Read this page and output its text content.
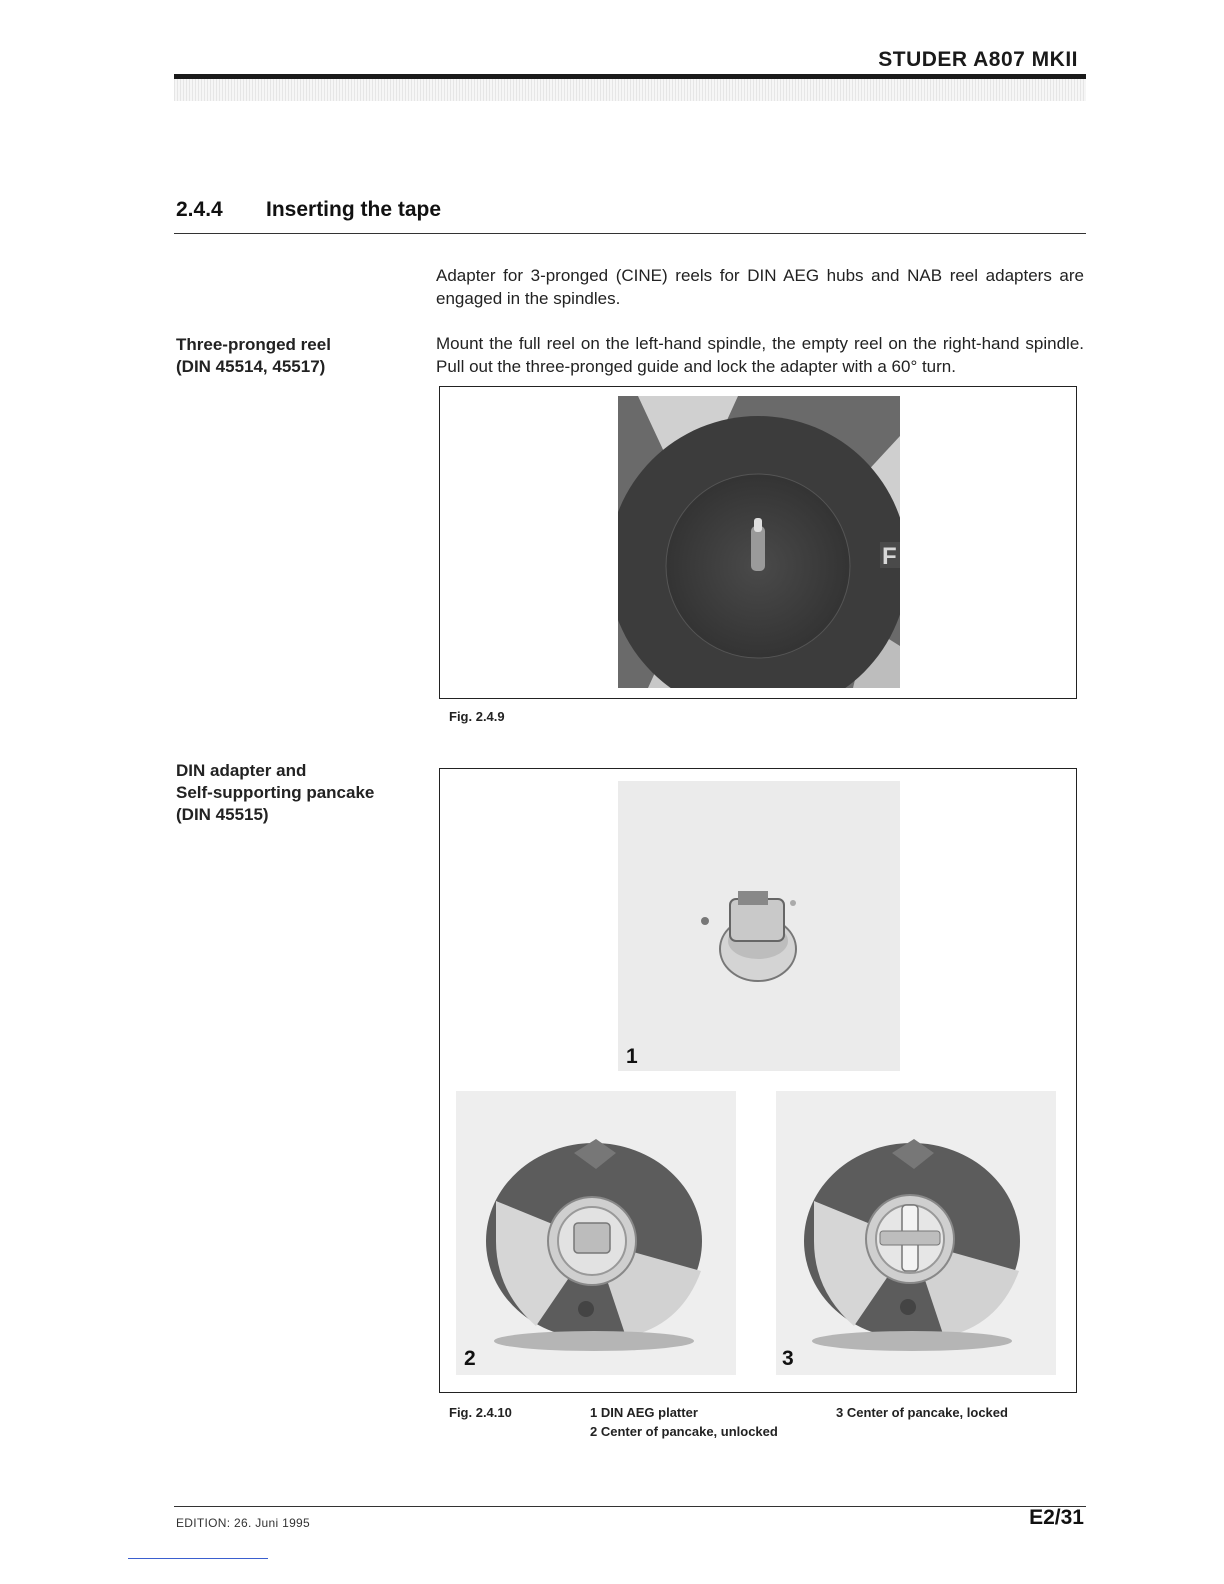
STUDER A807 MKII
2.4.4 Inserting the tape
Adapter for 3-pronged (CINE) reels for DIN AEG hubs and NAB reel adapters are engaged in the spindles.
Mount the full reel on the left-hand spindle, the empty reel on the right-hand spindle. Pull out the three-pronged guide and lock the adapter with a 60° turn.
Three-pronged reel
(DIN 45514, 45517)
F
Fig. 2.4.9
DIN adapter and
Self-supporting pancake
(DIN 45515)
1
2	3
Fig. 2.4.10	1 DIN AEG platter
2 Center of pancake, unlocked
3 Center of pancake, locked
EDITION: 26. Juni 1995	E2/31
